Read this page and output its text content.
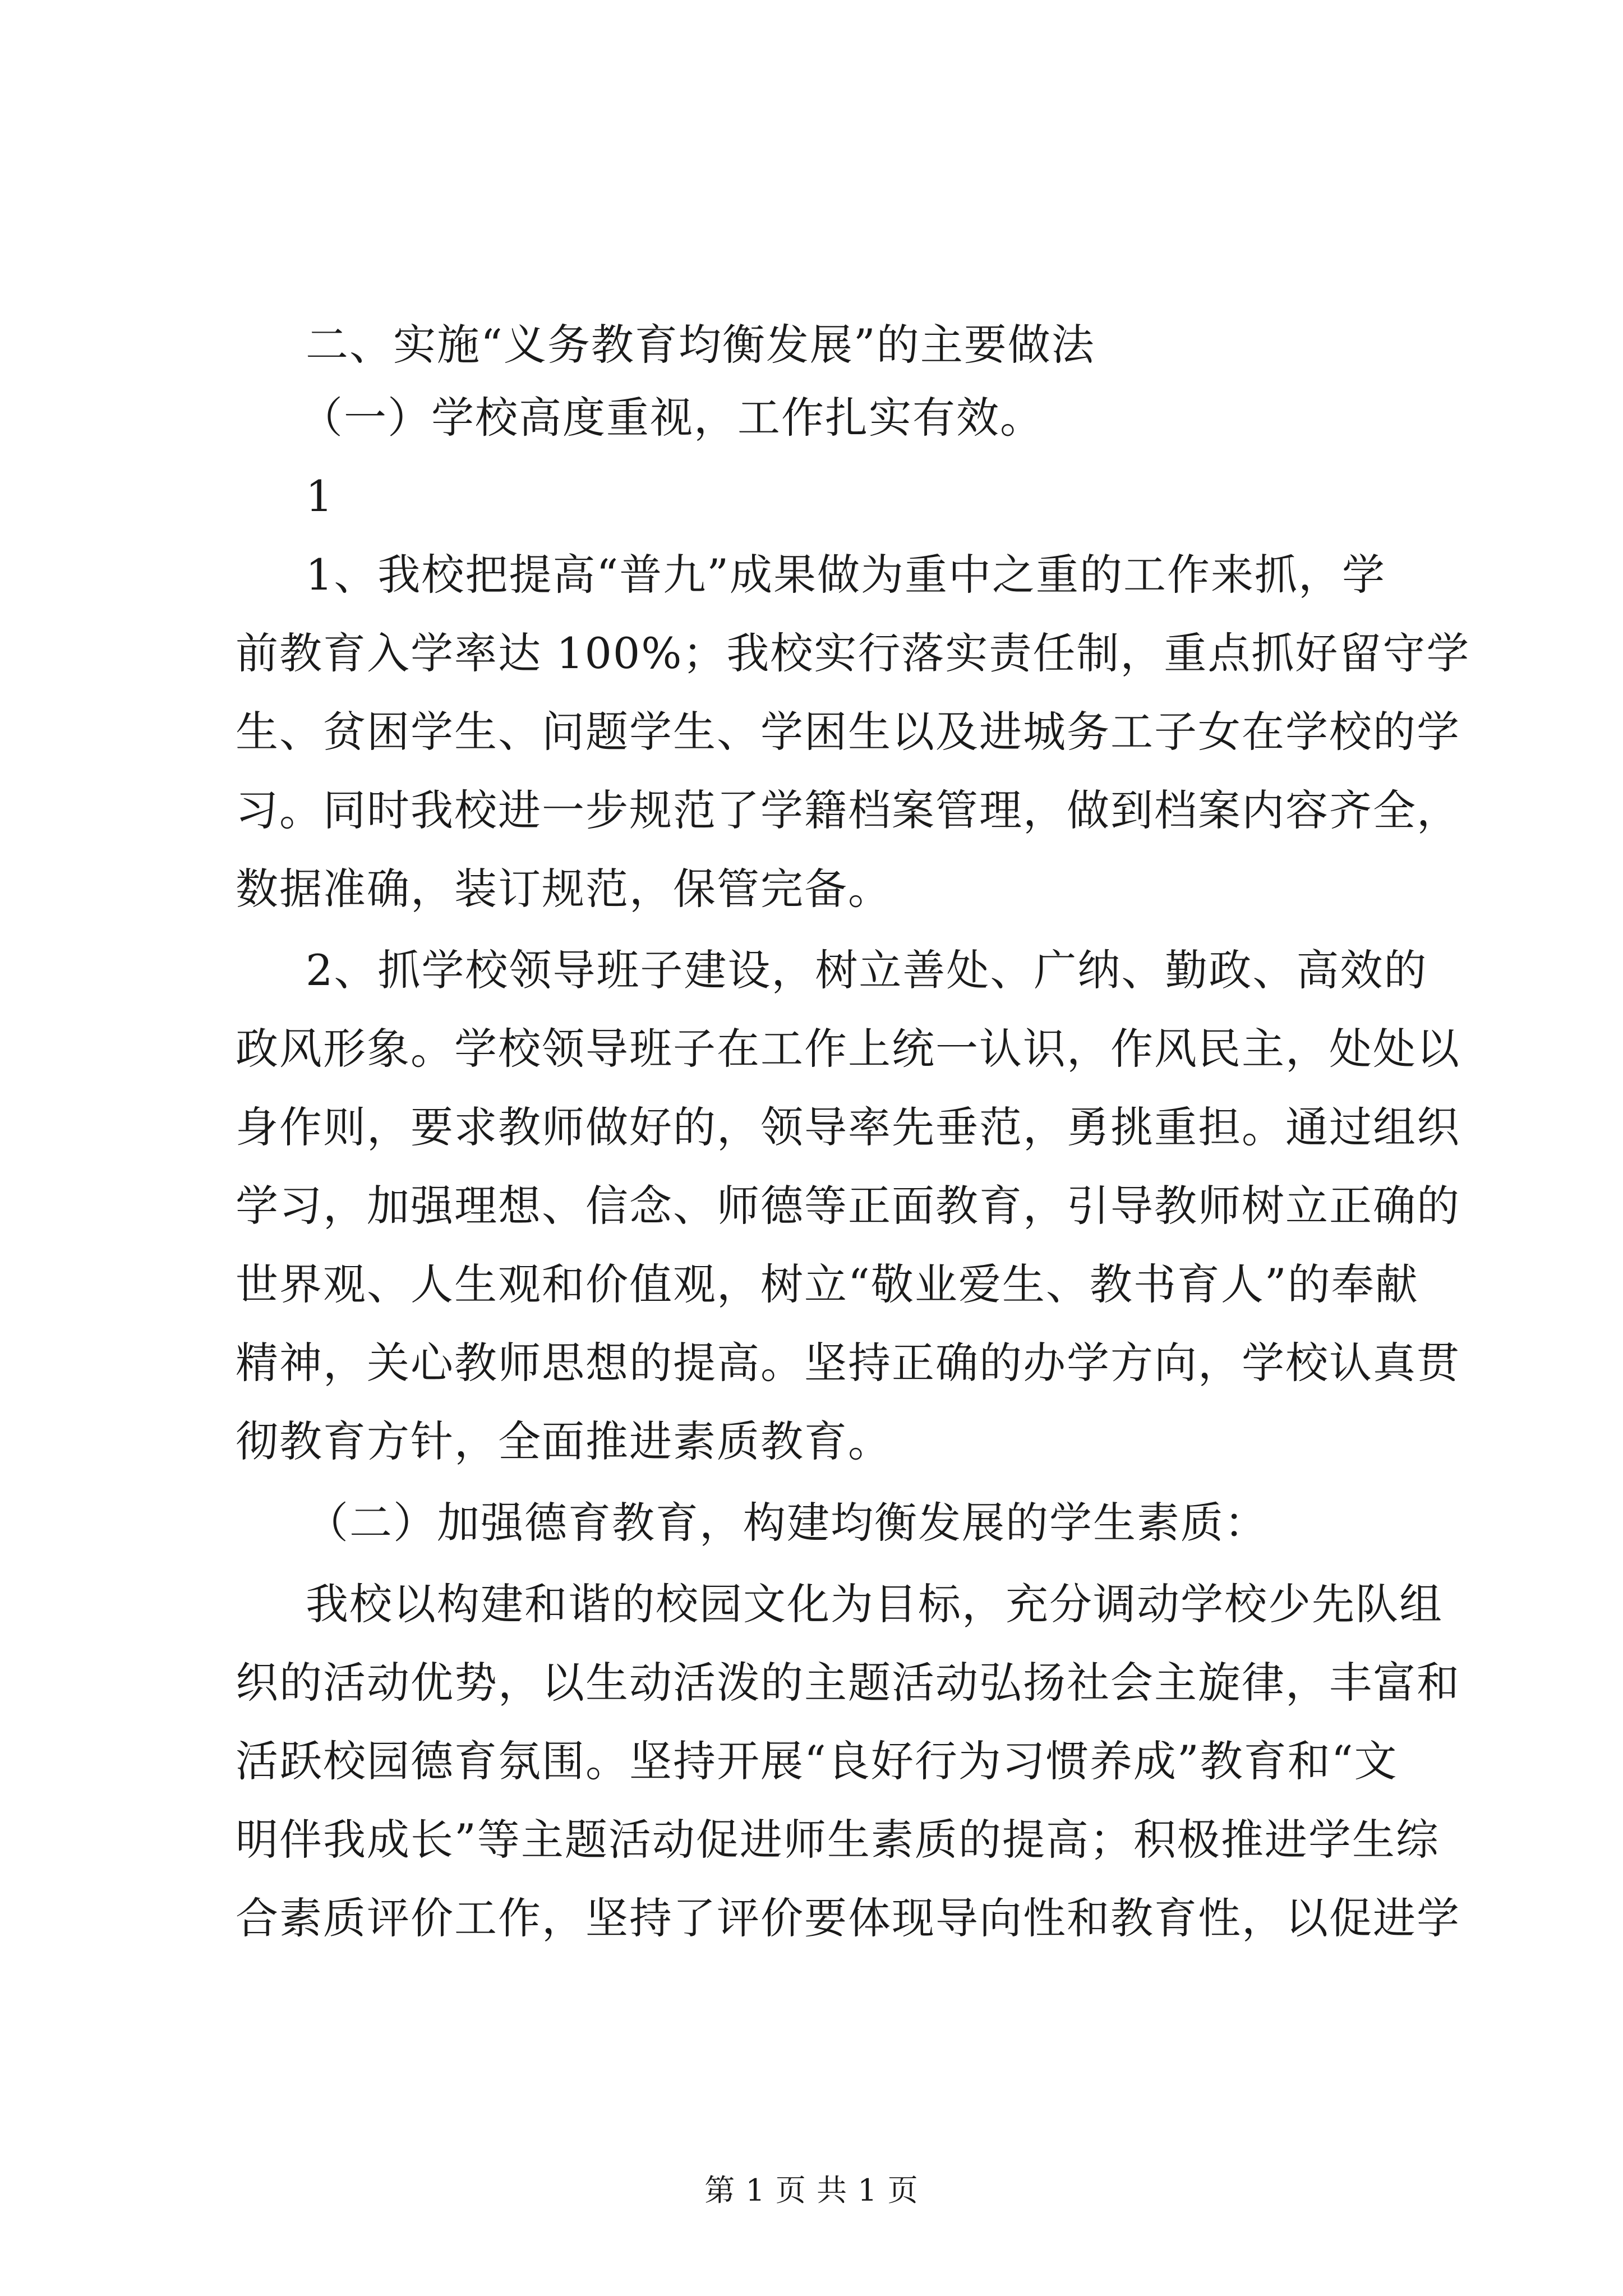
二、实施“义务教育均衡发展”的主要做法
（一）学校高度重视，工作扎实有效。
1
1、我校把提高“普九”成果做为重中之重的工作来抓，学
前教育入学率达 100%；我校实行落实责任制，重点抓好留守学
生、贫困学生、问题学生、学困生以及进城务工子女在学校的学
习。同时我校进一步规范了学籍档案管理，做到档案内容齐全，
数据准确，装订规范，保管完备。
2、抓学校领导班子建设，树立善处、广纳、勤政、高效的
政风形象。学校领导班子在工作上统一认识，作风民主，处处以
身作则，要求教师做好的，领导率先垂范，勇挑重担。通过组织
学习，加强理想、信念、师德等正面教育，引导教师树立正确的
世界观、人生观和价值观，树立“敬业爱生、教书育人”的奉献
精神，关心教师思想的提高。坚持正确的办学方向，学校认真贯
彻教育方针，全面推进素质教育。
（二）加强德育教育，构建均衡发展的学生素质：
我校以构建和谐的校园文化为目标，充分调动学校少先队组
织的活动优势，以生动活泼的主题活动弘扬社会主旋律，丰富和
活跃校园德育氛围。坚持开展“良好行为习惯养成”教育和“文
明伴我成长”等主题活动促进师生素质的提高；积极推进学生综
合素质评价工作，坚持了评价要体现导向性和教育性，以促进学
第 1 页 共 1 页
